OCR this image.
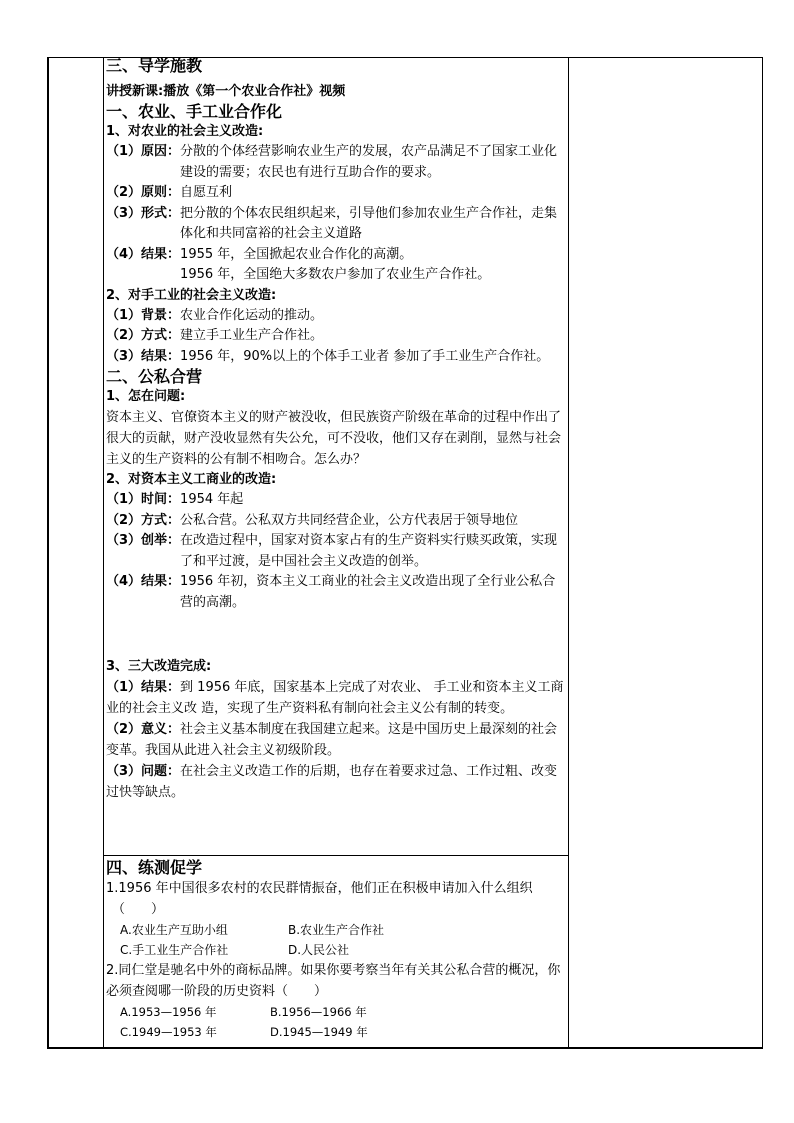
三、导学施教
讲授新课:播放《第一个农业合作社》视频
一、农业、手工业合作化
1、对农业的社会主义改造:
（1）原因： 分散的个体经营影响农业生产的发展，农产品满足不了国家工业化建设的需要；农民也有进行互助合作的要求。
（2）原则： 自愿互利
（3）形式： 把分散的个体农民组织起来，引导他们参加农业生产合作社，走集体化和共同富裕的社会主义道路
（4）结果： 1955 年，全国掀起农业合作化的高潮。
1956 年，全国绝大多数农户参加了农业生产合作社。
2、对手工业的社会主义改造:
（1）背景： 农业合作化运动的推动。
（2）方式： 建立手工业生产合作社。
（3）结果： 1956 年，90%以上的个体手工业者 参加了手工业生产合作社。
二、公私合营
1、怎在问题:
资本主义、官僚资本主义的财产被没收，但民族资产阶级在革命的过程中作出了很大的贡献，财产没收显然有失公允，可不没收，他们又存在剥削，显然与社会主义的生产资料的公有制不相吻合。怎么办？
2、对资本主义工商业的改造:
（1）时间： 1954 年起
（2）方式： 公私合营。公私双方共同经营企业，公方代表居于领导地位
（3）创举： 在改造过程中，国家对资本家占有的生产资料实行赎买政策，实现了和平过渡，是中国社会主义改造的创举。
（4）结果： 1956 年初，资本主义工商业的社会主义改造出现了全行业公私合营的高潮。
3、三大改造完成:
（1）结果：到 1956 年底，国家基本上完成了对农业、 手工业和资本主义工商业的社会主义改 造，实现了生产资料私有制向社会主义公有制的转变。
（2）意义：社会主义基本制度在我国建立起来。这是中国历史上最深刻的社会变革。我国从此进入社会主义初级阶段。
（3）问题：在社会主义改造工作的后期，也存在着要求过急、工作过粗、改变过快等缺点。
四、练测促学
1.1956 年中国很多农村的农民群情振奋，他们正在积极申请加入什么组织
（　　）
A.农业生产互助小组	B.农业生产合作社
C.手工业生产合作社	D.人民公社
2.同仁堂是驰名中外的商标品牌。如果你要考察当年有关其公私合营的概况，你必须查阅哪一阶段的历史资料（　　）
A.1953—1956 年	B.1956—1966 年
C.1949—1953 年	D.1945—1949 年
